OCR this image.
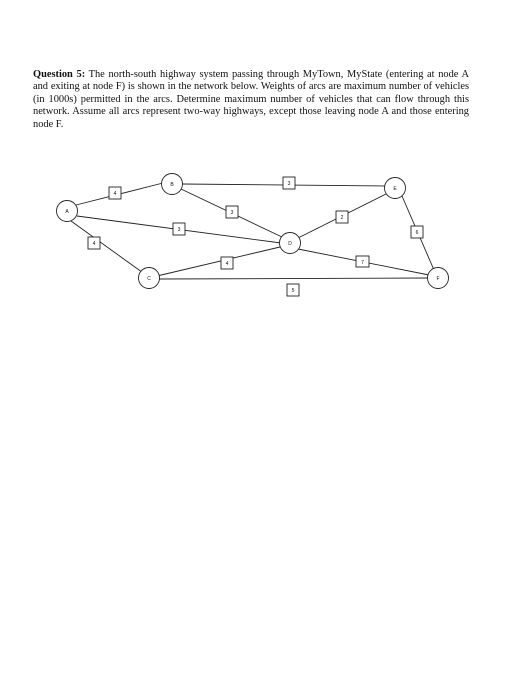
Question 5: The north-south highway system passing through MyTown, MyState (entering at node A and exiting at node F) is shown in the network below. Weights of arcs are maximum number of vehicles (in 1000s) permitted in the arcs. Determine maximum number of vehicles that can flow through this network. Assume all arcs represent two-way highways, except those leaving node A and those entering node F.

4
3
4
3
3
4
5
2
7
6
A
B
C
D
E
F
